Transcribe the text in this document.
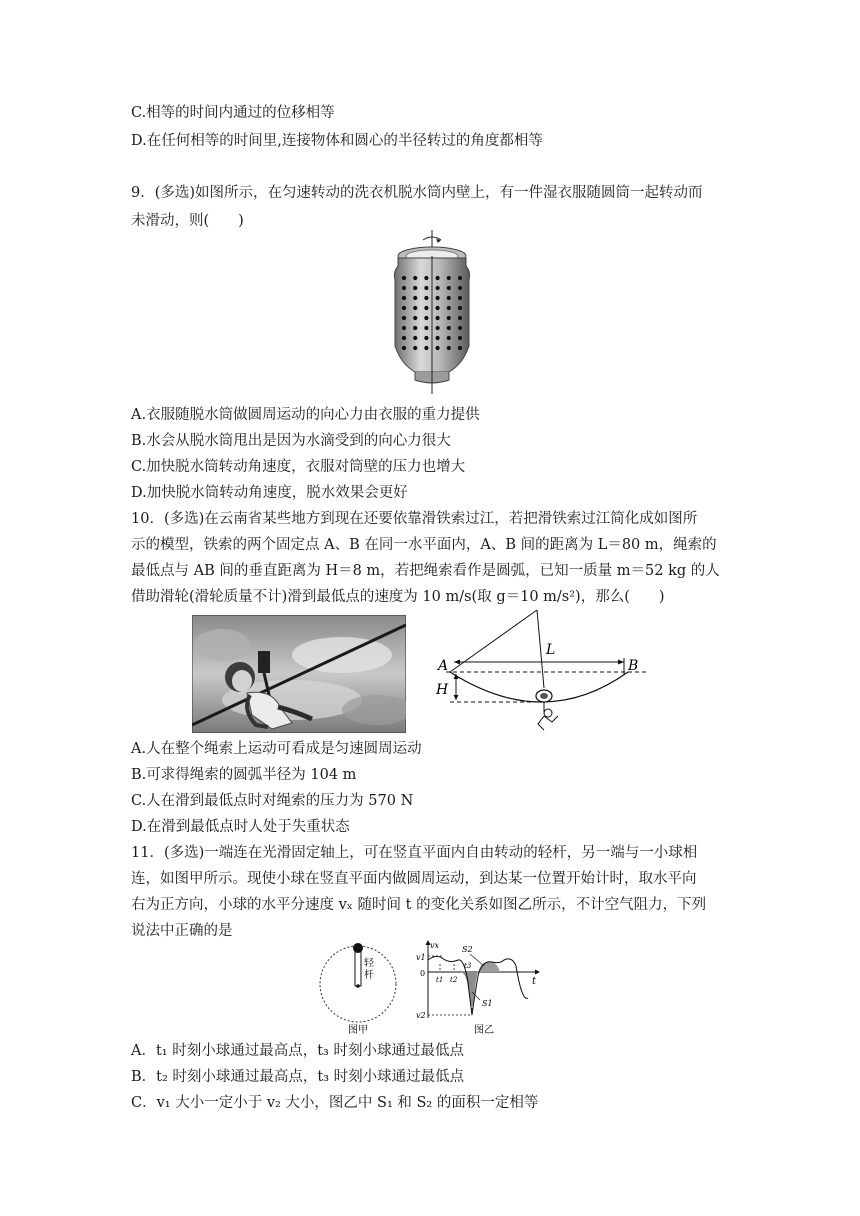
C.相等的时间内通过的位移相等
D.在任何相等的时间里,连接物体和圆心的半径转过的角度都相等
9．(多选)如图所示，在匀速转动的洗衣机脱水筒内壁上，有一件湿衣服随圆筒一起转动而
未滑动，则(　　)
A.衣服随脱水筒做圆周运动的向心力由衣服的重力提供
B.水会从脱水筒甩出是因为水滴受到的向心力很大
C.加快脱水筒转动角速度，衣服对筒壁的压力也增大
D.加快脱水筒转动角速度，脱水效果会更好
10．(多选)在云南省某些地方到现在还要依靠滑铁索过江，若把滑铁索过江简化成如图所
示的模型，铁索的两个固定点 A、B 在同一水平面内，A、B 间的距离为 L＝80 m，绳索的
最低点与 AB 间的垂直距离为 H＝8 m，若把绳索看作是圆弧，已知一质量 m＝52 kg 的人
借助滑轮(滑轮质量不计)滑到最低点的速度为 10 m/s(取 g＝10 m/s²)，那么(　　)
L
A	B
H
A.人在整个绳索上运动可看成是匀速圆周运动
B.可求得绳索的圆弧半径为 104 m
C.人在滑到最低点时对绳索的压力为 570 N
D.在滑到最低点时人处于失重状态
11．(多选)一端连在光滑固定轴上，可在竖直平面内自由转动的轻杆，另一端与一小球相
连，如图甲所示。现使小球在竖直平面内做圆周运动，到达某一位置开始计时，取水平向
右为正方向，小球的水平分速度 vₓ 随时间 t 的变化关系如图乙所示，不计空气阻力，下列
说法中正确的是
轻
杆
图甲
vx
t
v1
0
v2
t1 t2
t3
S2
S1
图乙
A．t₁ 时刻小球通过最高点，t₃ 时刻小球通过最低点
B．t₂ 时刻小球通过最高点，t₃ 时刻小球通过最低点
C．v₁ 大小一定小于 v₂ 大小，图乙中 S₁ 和 S₂ 的面积一定相等
